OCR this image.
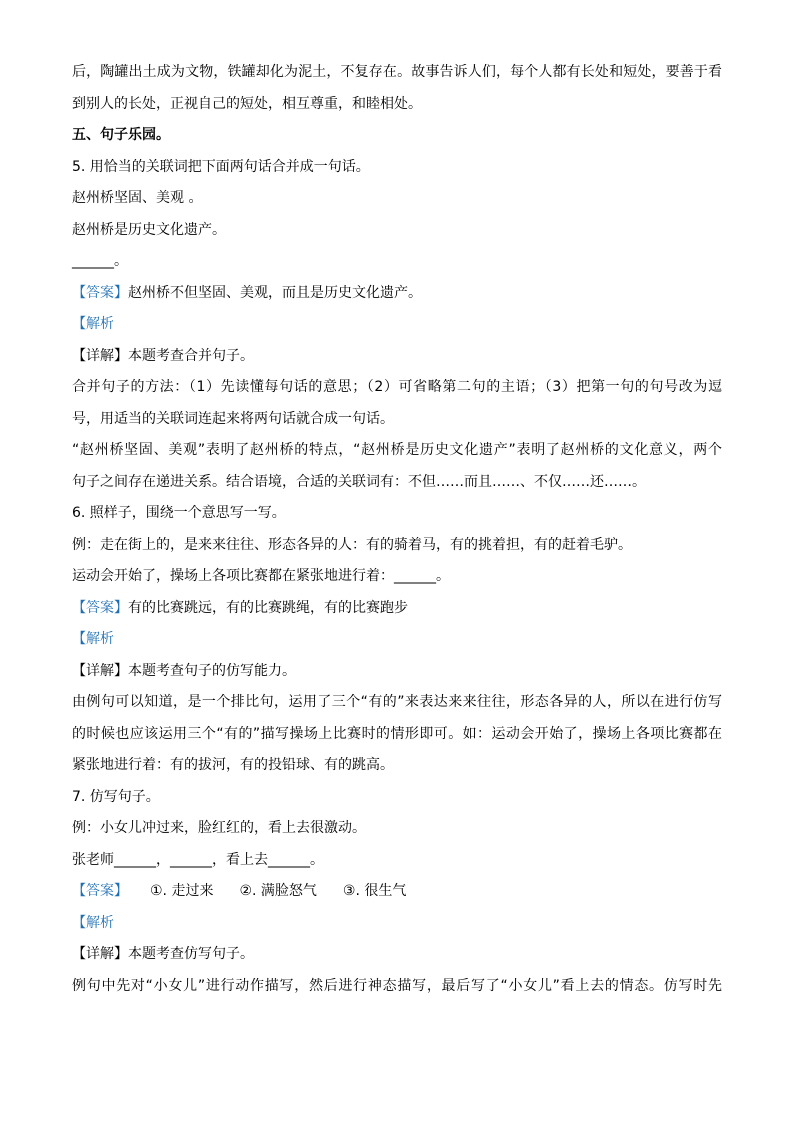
后，陶罐出土成为文物，铁罐却化为泥土，不复存在。故事告诉人们，每个人都有长处和短处，要善于看

到别人的长处，正视自己的短处，相互尊重，和睦相处。

五、句子乐园。

5. 用恰当的关联词把下面两句话合并成一句话。

赵州桥坚固、美观 。

赵州桥是历史文化遗产。

______。

【答案】赵州桥不但坚固、美观，而且是历史文化遗产。

【解析

【详解】本题考查合并句子。

合并句子的方法：（1）先读懂每句话的意思；（2）可省略第二句的主语；（3）把第一句的句号改为逗

号，用适当的关联词连起来将两句话就合成一句话。

“赵州桥坚固、美观”表明了赵州桥的特点，“赵州桥是历史文化遗产”表明了赵州桥的文化意义，两个

句子之间存在递进关系。结合语境，合适的关联词有：不但……而且……、不仅……还……。

6. 照样子，围绕一个意思写一写。

例：走在街上的，是来来往往、形态各异的人：有的骑着马，有的挑着担，有的赶着毛驴。

运动会开始了，操场上各项比赛都在紧张地进行着：______。

【答案】有的比赛跳远，有的比赛跳绳，有的比赛跑步

【解析

【详解】本题考查句子的仿写能力。

由例句可以知道，是一个排比句，运用了三个“有的”来表达来来往往，形态各异的人，所以在进行仿写

的时候也应该运用三个“有的”描写操场上比赛时的情形即可。如：运动会开始了，操场上各项比赛都在

紧张地进行着：有的拔河，有的投铅球、有的跳高。

7. 仿写句子。

例：小女儿冲过来，脸红红的，看上去很激动。

张老师______，______，看上去______。

【答案】 ①. 走过来 ②. 满脸怒气 ③. 很生气

【解析

【详解】本题考查仿写句子。

例句中先对“小女儿”进行动作描写，然后进行神态描写，最后写了“小女儿”看上去的情态。仿写时先
